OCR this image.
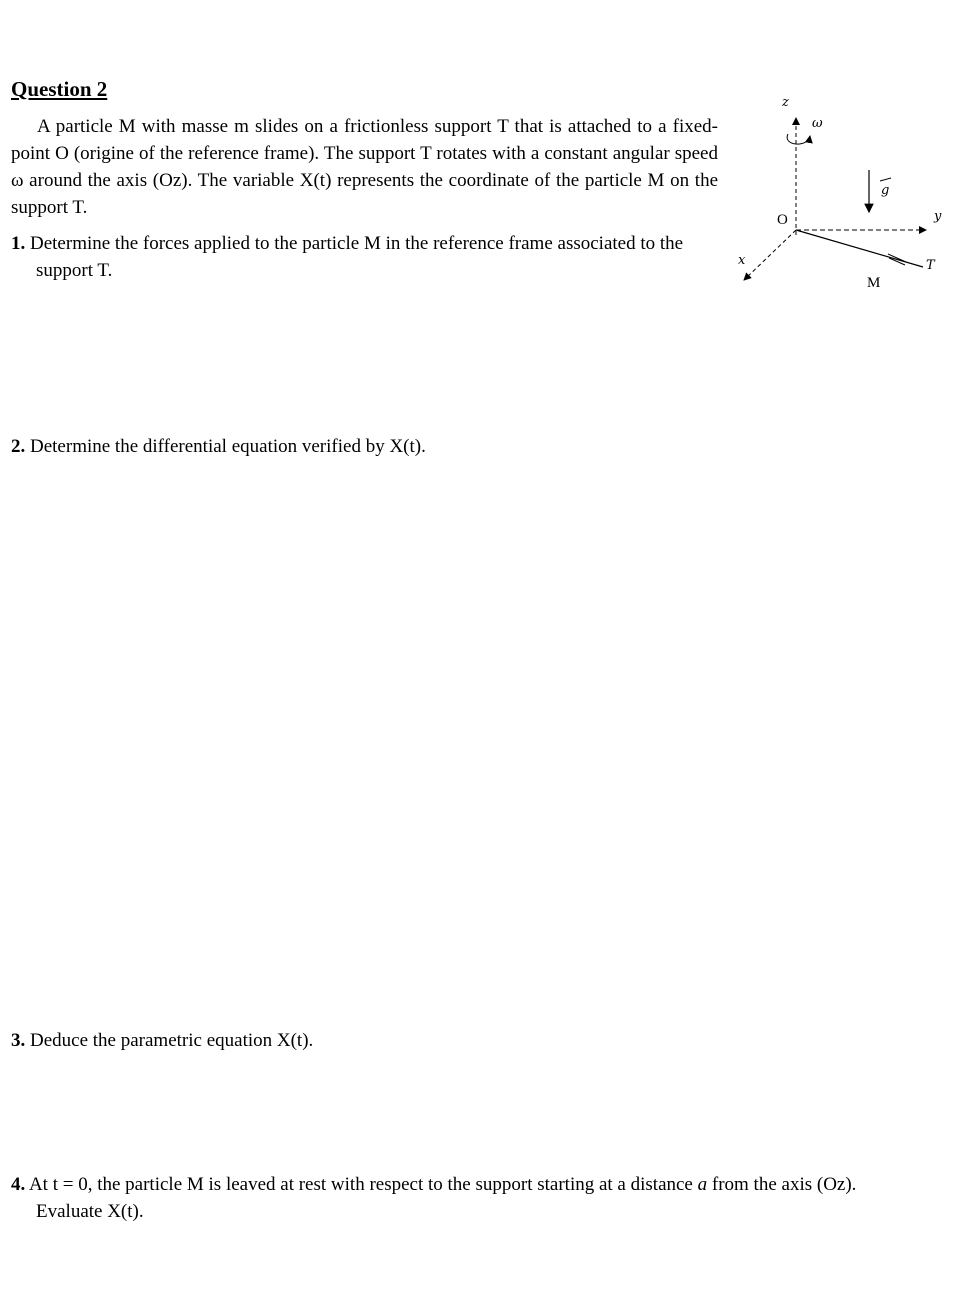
Question 2

A particle M with masse m slides on a frictionless support T that is attached to a fixed-point O (origine of the reference frame). The support T rotates with a constant angular speed ω around the axis (Oz). The variable X(t) represents the coordinate of the particle M on the support T.

1. Determine the forces applied to the particle M in the reference frame associated to the support T.

2. Determine the differential equation verified by X(t).

3. Deduce the parametric equation X(t).

4. At t = 0, the particle M is leaved at rest with respect to the support starting at a distance a from the axis (Oz). Evaluate X(t).

z
ω
g
O	y
x	T
M
